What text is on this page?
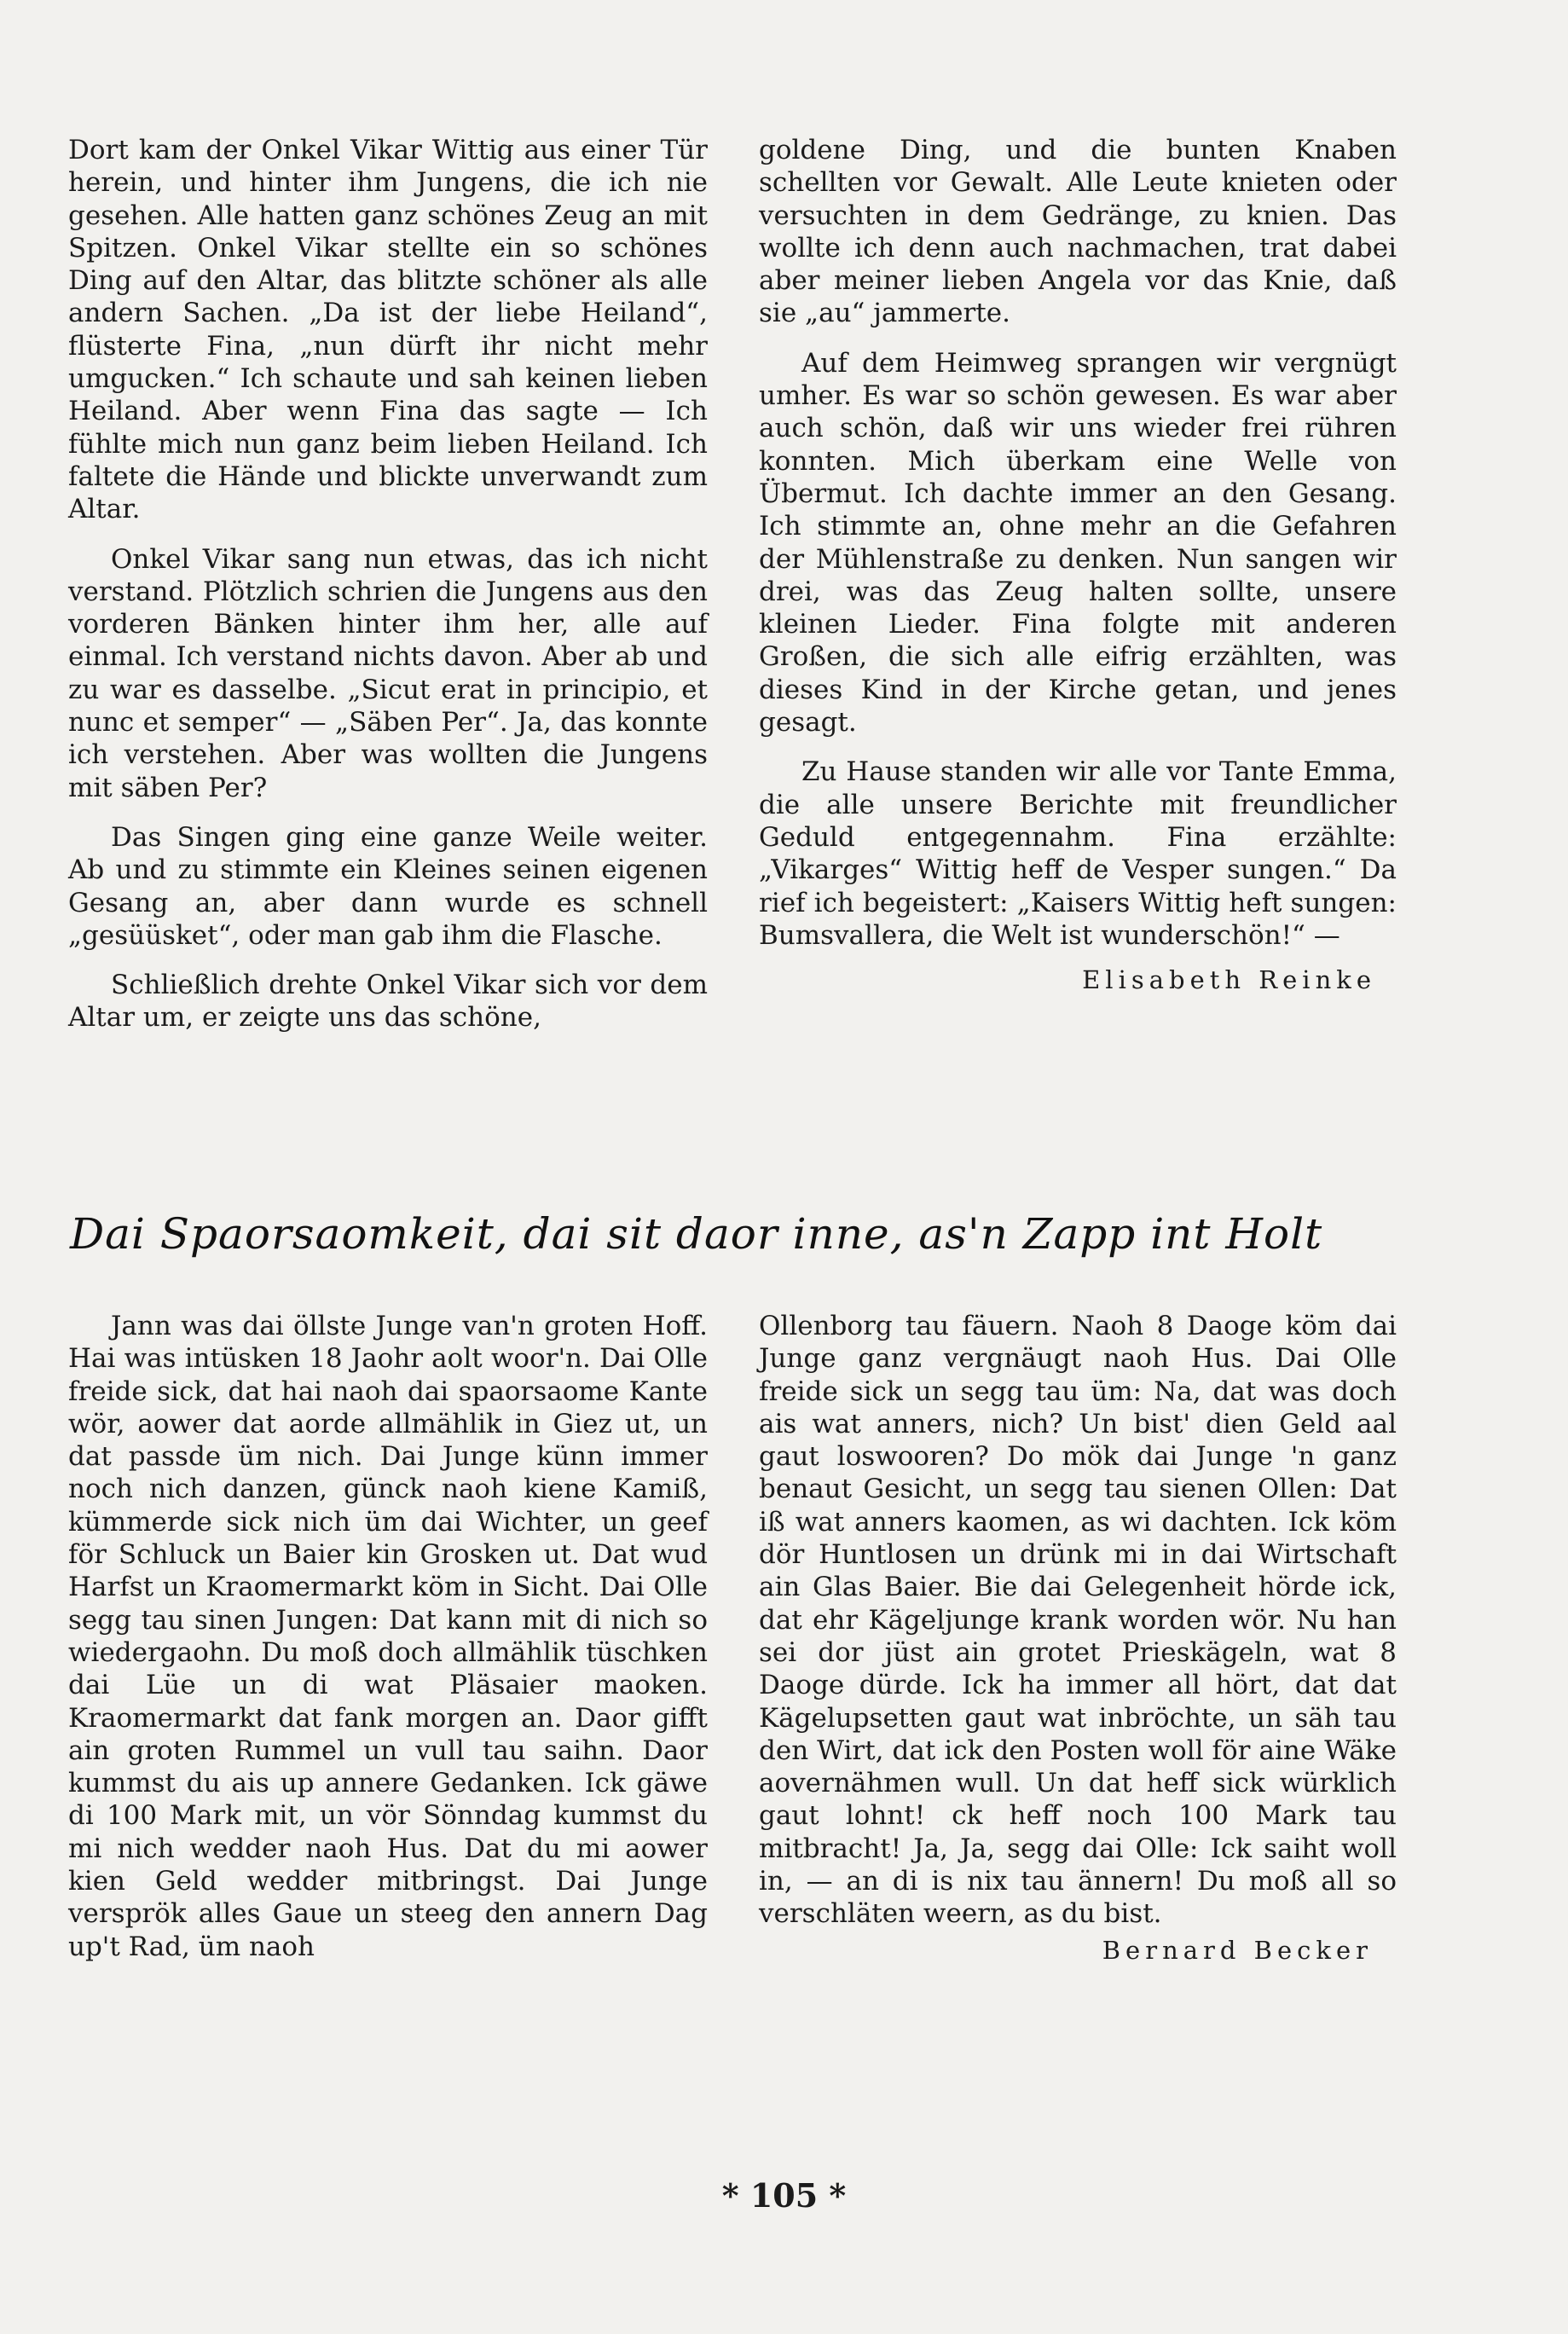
Dort kam der Onkel Vikar Wittig aus einer Tür herein, und hinter ihm Jungens, die ich nie gesehen. Alle hatten ganz schönes Zeug an mit Spitzen. Onkel Vikar stellte ein so schönes Ding auf den Altar, das blitzte schöner als alle andern Sachen. „Da ist der liebe Heiland“, flüsterte Fina, „nun dürft ihr nicht mehr umgucken.“ Ich schaute und sah keinen lieben Heiland. Aber wenn Fina das sagte — Ich fühlte mich nun ganz beim lieben Heiland. Ich faltete die Hände und blickte unverwandt zum Altar.

Onkel Vikar sang nun etwas, das ich nicht verstand. Plötzlich schrien die Jungens aus den vorderen Bänken hinter ihm her, alle auf einmal. Ich verstand nichts davon. Aber ab und zu war es dasselbe. „Sicut erat in principio, et nunc et semper“ — „Säben Per“. Ja, das konnte ich verstehen. Aber was wollten die Jungens mit säben Per?

Das Singen ging eine ganze Weile weiter. Ab und zu stimmte ein Kleines seinen eigenen Gesang an, aber dann wurde es schnell „gesüüsket“, oder man gab ihm die Flasche.

Schließlich drehte Onkel Vikar sich vor dem Altar um, er zeigte uns das schöne,

goldene Ding, und die bunten Knaben schellten vor Gewalt. Alle Leute knieten oder versuchten in dem Gedränge, zu knien. Das wollte ich denn auch nachmachen, trat dabei aber meiner lieben Angela vor das Knie, daß sie „au“ jammerte.

Auf dem Heimweg sprangen wir vergnügt umher. Es war so schön gewesen. Es war aber auch schön, daß wir uns wieder frei rühren konnten. Mich überkam eine Welle von Übermut. Ich dachte immer an den Gesang. Ich stimmte an, ohne mehr an die Gefahren der Mühlenstraße zu denken. Nun sangen wir drei, was das Zeug halten sollte, unsere kleinen Lieder. Fina folgte mit anderen Großen, die sich alle eifrig erzählten, was dieses Kind in der Kirche getan, und jenes gesagt.

Zu Hause standen wir alle vor Tante Emma, die alle unsere Berichte mit freundlicher Geduld entgegennahm. Fina erzählte: „Vikarges“ Wittig heff de Vesper sungen.“ Da rief ich begeistert: „Kaisers Wittig heft sungen: Bumsvallera, die Welt ist wunderschön!“ —

Elisabeth Reinke

Dai Spaorsaomkeit, dai sit daor inne, as'n Zapp int Holt

Jann was dai öllste Junge van'n groten Hoff. Hai was intüsken 18 Jaohr aolt woor'n. Dai Olle freide sick, dat hai naoh dai spaorsaome Kante wör, aower dat aorde allmählik in Giez ut, un dat passde üm nich. Dai Junge künn immer noch nich danzen, günck naoh kiene Kamiß, kümmerde sick nich üm dai Wichter, un geef för Schluck un Baier kin Grosken ut. Dat wud Harfst un Kraomermarkt köm in Sicht. Dai Olle segg tau sinen Jungen: Dat kann mit di nich so wiedergaohn. Du moß doch allmählik tüschken dai Lüe un di wat Pläsaier maoken. Kraomermarkt dat fank morgen an. Daor gifft ain groten Rummel un vull tau saihn. Daor kummst du ais up annere Gedanken. Ick gäwe di 100 Mark mit, un vör Sönndag kummst du mi nich wedder naoh Hus. Dat du mi aower kien Geld wedder mitbringst. Dai Junge versprök alles Gaue un steeg den annern Dag up't Rad, üm naoh

Ollenborg tau fäuern. Naoh 8 Daoge köm dai Junge ganz vergnäugt naoh Hus. Dai Olle freide sick un segg tau üm: Na, dat was doch ais wat anners, nich? Un bist' dien Geld aal gaut loswooren? Do mök dai Junge 'n ganz benaut Gesicht, un segg tau sienen Ollen: Dat iß wat anners kaomen, as wi dachten. Ick köm dör Huntlosen un drünk mi in dai Wirtschaft ain Glas Baier. Bie dai Gelegenheit hörde ick, dat ehr Kägeljunge krank worden wör. Nu han sei dor jüst ain grotet Prieskägeln, wat 8 Daoge dürde. Ick ha immer all hört, dat dat Kägelupsetten gaut wat inbröchte, un säh tau den Wirt, dat ick den Posten woll för aine Wäke aovernähmen wull. Un dat heff sick würklich gaut lohnt! ck heff noch 100 Mark tau mitbracht! Ja, Ja, segg dai Olle: Ick saiht woll in, — an di is nix tau ännern! Du moß all so verschläten weern, as du bist.

Bernard Becker

* 105 *
